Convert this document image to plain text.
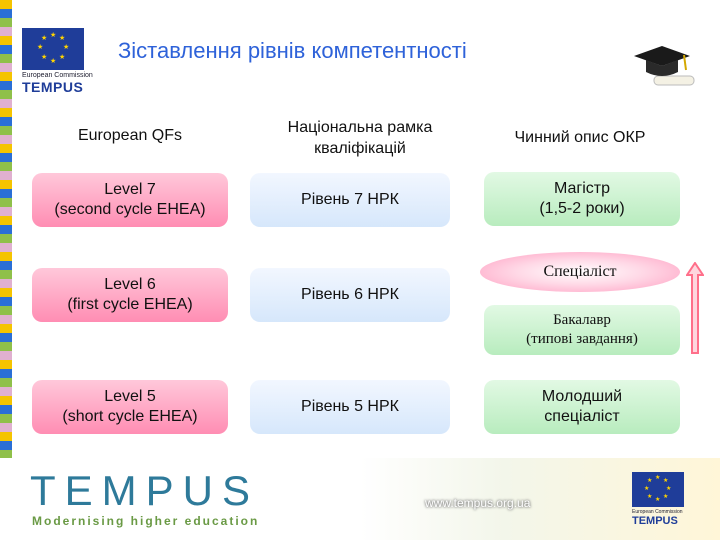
★ ★
★
★
★
★
★
★
European Commission
TEMPUS
Зіставлення рівнів компетентності
European QFs	Національна рамка
кваліфікацій
Чинний опис ОКР
Level 7
(second cycle EHEA)
Рівень 7 НРК
Магістр
(1,5-2 роки)
Level 6
(first cycle EHEA)
Рівень 6 НРК
Спеціаліст
Бакалавр
(типові завдання)
Level 5
(short cycle EHEA)
Рівень 5 НРК
Молодший
спеціаліст
TEMPUS
Modernising higher education
www.tempus.org.ua
★ ★
★
★
★
★
★
★
European Commission
TEMPUS
